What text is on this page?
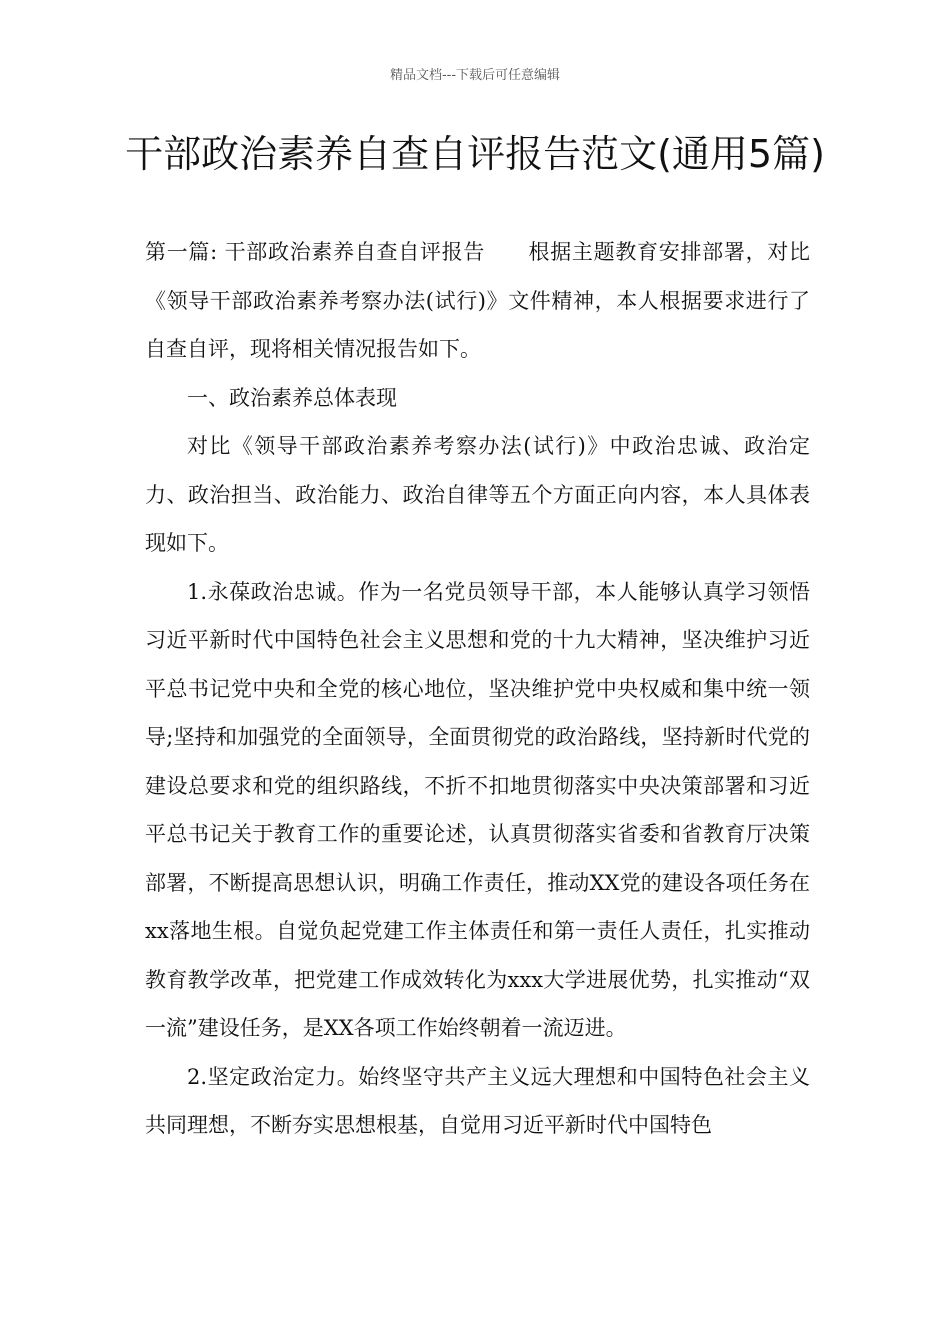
精品文档---下载后可任意编辑
干部政治素养自查自评报告范文(通用5篇)

第一篇: 干部政治素养自查自评报告　　根据主题教育安排部署，对比《领导干部政治素养考察办法(试行)》文件精神，本人根据要求进行了自查自评，现将相关情况报告如下。

一、政治素养总体表现

对比《领导干部政治素养考察办法(试行)》中政治忠诚、政治定力、政治担当、政治能力、政治自律等五个方面正向内容，本人具体表现如下。

1.永葆政治忠诚。作为一名党员领导干部，本人能够认真学习领悟习近平新时代中国特色社会主义思想和党的十九大精神，坚决维护习近平总书记党中央和全党的核心地位，坚决维护党中央权威和集中统一领导;坚持和加强党的全面领导，全面贯彻党的政治路线，坚持新时代党的建设总要求和党的组织路线，不折不扣地贯彻落实中央决策部署和习近平总书记关于教育工作的重要论述，认真贯彻落实省委和省教育厅决策部署，不断提高思想认识，明确工作责任，推动XX党的建设各项任务在xx落地生根。自觉负起党建工作主体责任和第一责任人责任，扎实推动教育教学改革，把党建工作成效转化为xxx大学进展优势，扎实推动“双一流”建设任务，是XX各项工作始终朝着一流迈进。

2.坚定政治定力。始终坚守共产主义远大理想和中国特色社会主义共同理想，不断夯实思想根基，自觉用习近平新时代中国特色
